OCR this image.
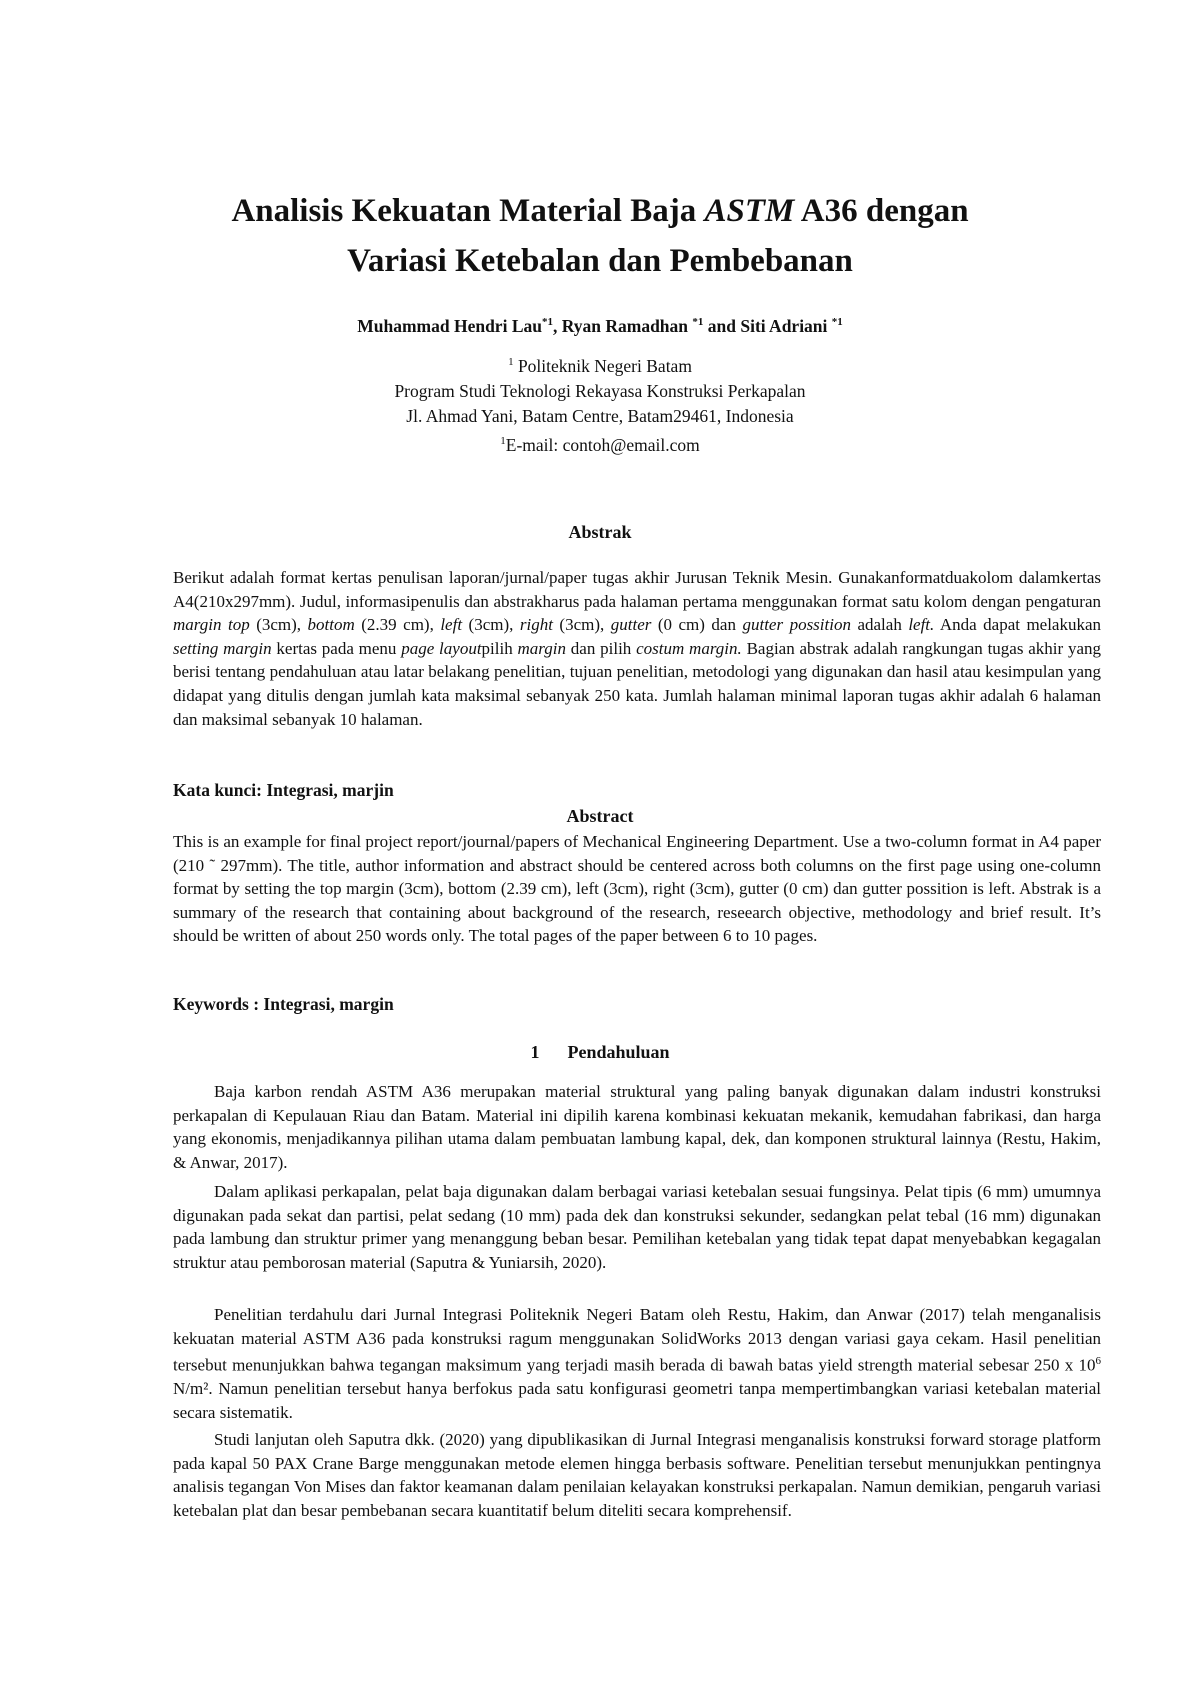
Analisis Kekuatan Material Baja ASTM A36 dengan
Variasi Ketebalan dan Pembebanan
Muhammad Hendri Lau$^{*1}$, Ryan Ramadhan $^{*1}$ and Siti Adriani $^{*1}$
$^1$ Politeknik Negeri Batam
Program Studi Teknologi Rekayasa Konstruksi Perkapalan
Jl. Ahmad Yani, Batam Centre, Batam29461, Indonesia
$^1$E-mail: contoh@email.com
Abstrak

Berikut adalah format kertas penulisan laporan/jurnal/paper tugas akhir Jurusan Teknik Mesin. Gunakanformatduakolom dalamkertas A4(210x297mm). Judul, informasipenulis dan abstrakharus pada halaman pertama menggunakan format satu kolom dengan pengaturan margin top (3cm), bottom (2.39 cm), left (3cm), right (3cm), gutter (0 cm) dan gutter possition adalah left. Anda dapat melakukan setting margin kertas pada menu page layoutpilih margin dan pilih costum margin. Bagian abstrak adalah rangkungan tugas akhir yang berisi tentang pendahuluan atau latar belakang penelitian, tujuan penelitian, metodologi yang digunakan dan hasil atau kesimpulan yang didapat yang ditulis dengan jumlah kata maksimal sebanyak 250 kata. Jumlah halaman minimal laporan tugas akhir adalah 6 halaman dan maksimal sebanyak 10 halaman.

Kata kunci: Integrasi, marjin
Abstract

This is an example for final project report/journal/papers of Mechanical Engineering Department. Use a two-column format in A4 paper (210 ˜ 297mm). The title, author information and abstract should be centered across both columns on the first page using one-column format by setting the top margin (3cm), bottom (2.39 cm), left (3cm), right (3cm), gutter (0 cm) dan gutter possition is left. Abstrak is a summary of the research that containing about background of the research, reseearch objective, methodology and brief result. It’s should be written of about 250 words only. The total pages of the paper between 6 to 10 pages.

Keywords : Integrasi, margin
1 Pendahuluan

Baja karbon rendah ASTM A36 merupakan material struktural yang paling banyak digunakan dalam industri konstruksi perkapalan di Kepulauan Riau dan Batam. Material ini dipilih karena kombinasi kekuatan mekanik, kemudahan fabrikasi, dan harga yang ekonomis, menjadikannya pilihan utama dalam pembuatan lambung kapal, dek, dan komponen struktural lainnya (Restu, Hakim, & Anwar, 2017).

Dalam aplikasi perkapalan, pelat baja digunakan dalam berbagai variasi ketebalan sesuai fungsinya. Pelat tipis (6 mm) umumnya digunakan pada sekat dan partisi, pelat sedang (10 mm) pada dek dan konstruksi sekunder, sedangkan pelat tebal (16 mm) digunakan pada lambung dan struktur primer yang menanggung beban besar. Pemilihan ketebalan yang tidak tepat dapat menyebabkan kegagalan struktur atau pemborosan material (Saputra & Yuniarsih, 2020).

Penelitian terdahulu dari Jurnal Integrasi Politeknik Negeri Batam oleh Restu, Hakim, dan Anwar (2017) telah menganalisis kekuatan material ASTM A36 pada konstruksi ragum menggunakan SolidWorks 2013 dengan variasi gaya cekam. Hasil penelitian tersebut menunjukkan bahwa tegangan maksimum yang terjadi masih berada di bawah batas yield strength material sebesar 250 x $10^6$ N/m². Namun penelitian tersebut hanya berfokus pada satu konfigurasi geometri tanpa mempertimbangkan variasi ketebalan material secara sistematik.

Studi lanjutan oleh Saputra dkk. (2020) yang dipublikasikan di Jurnal Integrasi menganalisis konstruksi forward storage platform pada kapal 50 PAX Crane Barge menggunakan metode elemen hingga berbasis software. Penelitian tersebut menunjukkan pentingnya analisis tegangan Von Mises dan faktor keamanan dalam penilaian kelayakan konstruksi perkapalan. Namun demikian, pengaruh variasi ketebalan plat dan besar pembebanan secara kuantitatif belum diteliti secara komprehensif.
